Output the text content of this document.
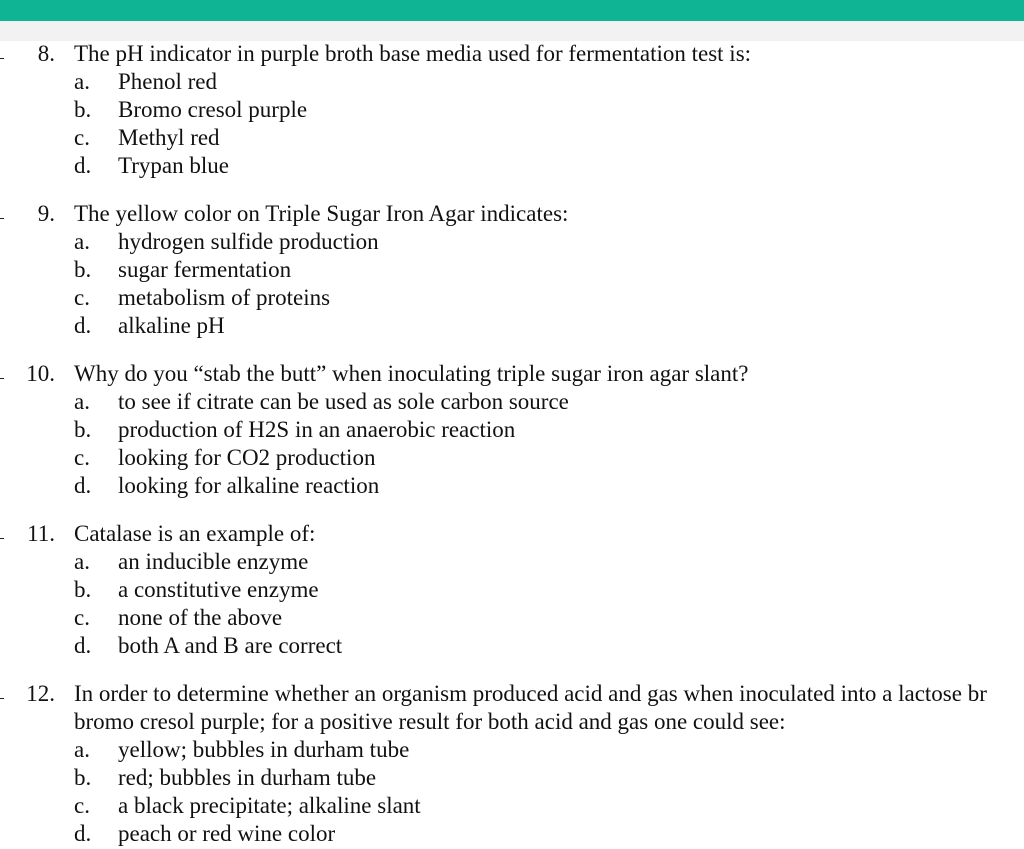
8. The pH indicator in purple broth base media used for fermentation test is:
a. Phenol red
b. Bromo cresol purple
c. Methyl red
d. Trypan blue
9. The yellow color on Triple Sugar Iron Agar indicates:
a. hydrogen sulfide production
b. sugar fermentation
c. metabolism of proteins
d. alkaline pH
10. Why do you “stab the butt” when inoculating triple sugar iron agar slant?
a. to see if citrate can be used as sole carbon source
b. production of H2S in an anaerobic reaction
c. looking for CO2 production
d. looking for alkaline reaction
11. Catalase is an example of:
a. an inducible enzyme
b. a constitutive enzyme
c. none of the above
d. both A and B are correct
12. In order to determine whether an organism produced acid and gas when inoculated into a lactose br
bromo cresol purple; for a positive result for both acid and gas one could see:
a. yellow; bubbles in durham tube
b. red; bubbles in durham tube
c. a black precipitate; alkaline slant
d. peach or red wine color
